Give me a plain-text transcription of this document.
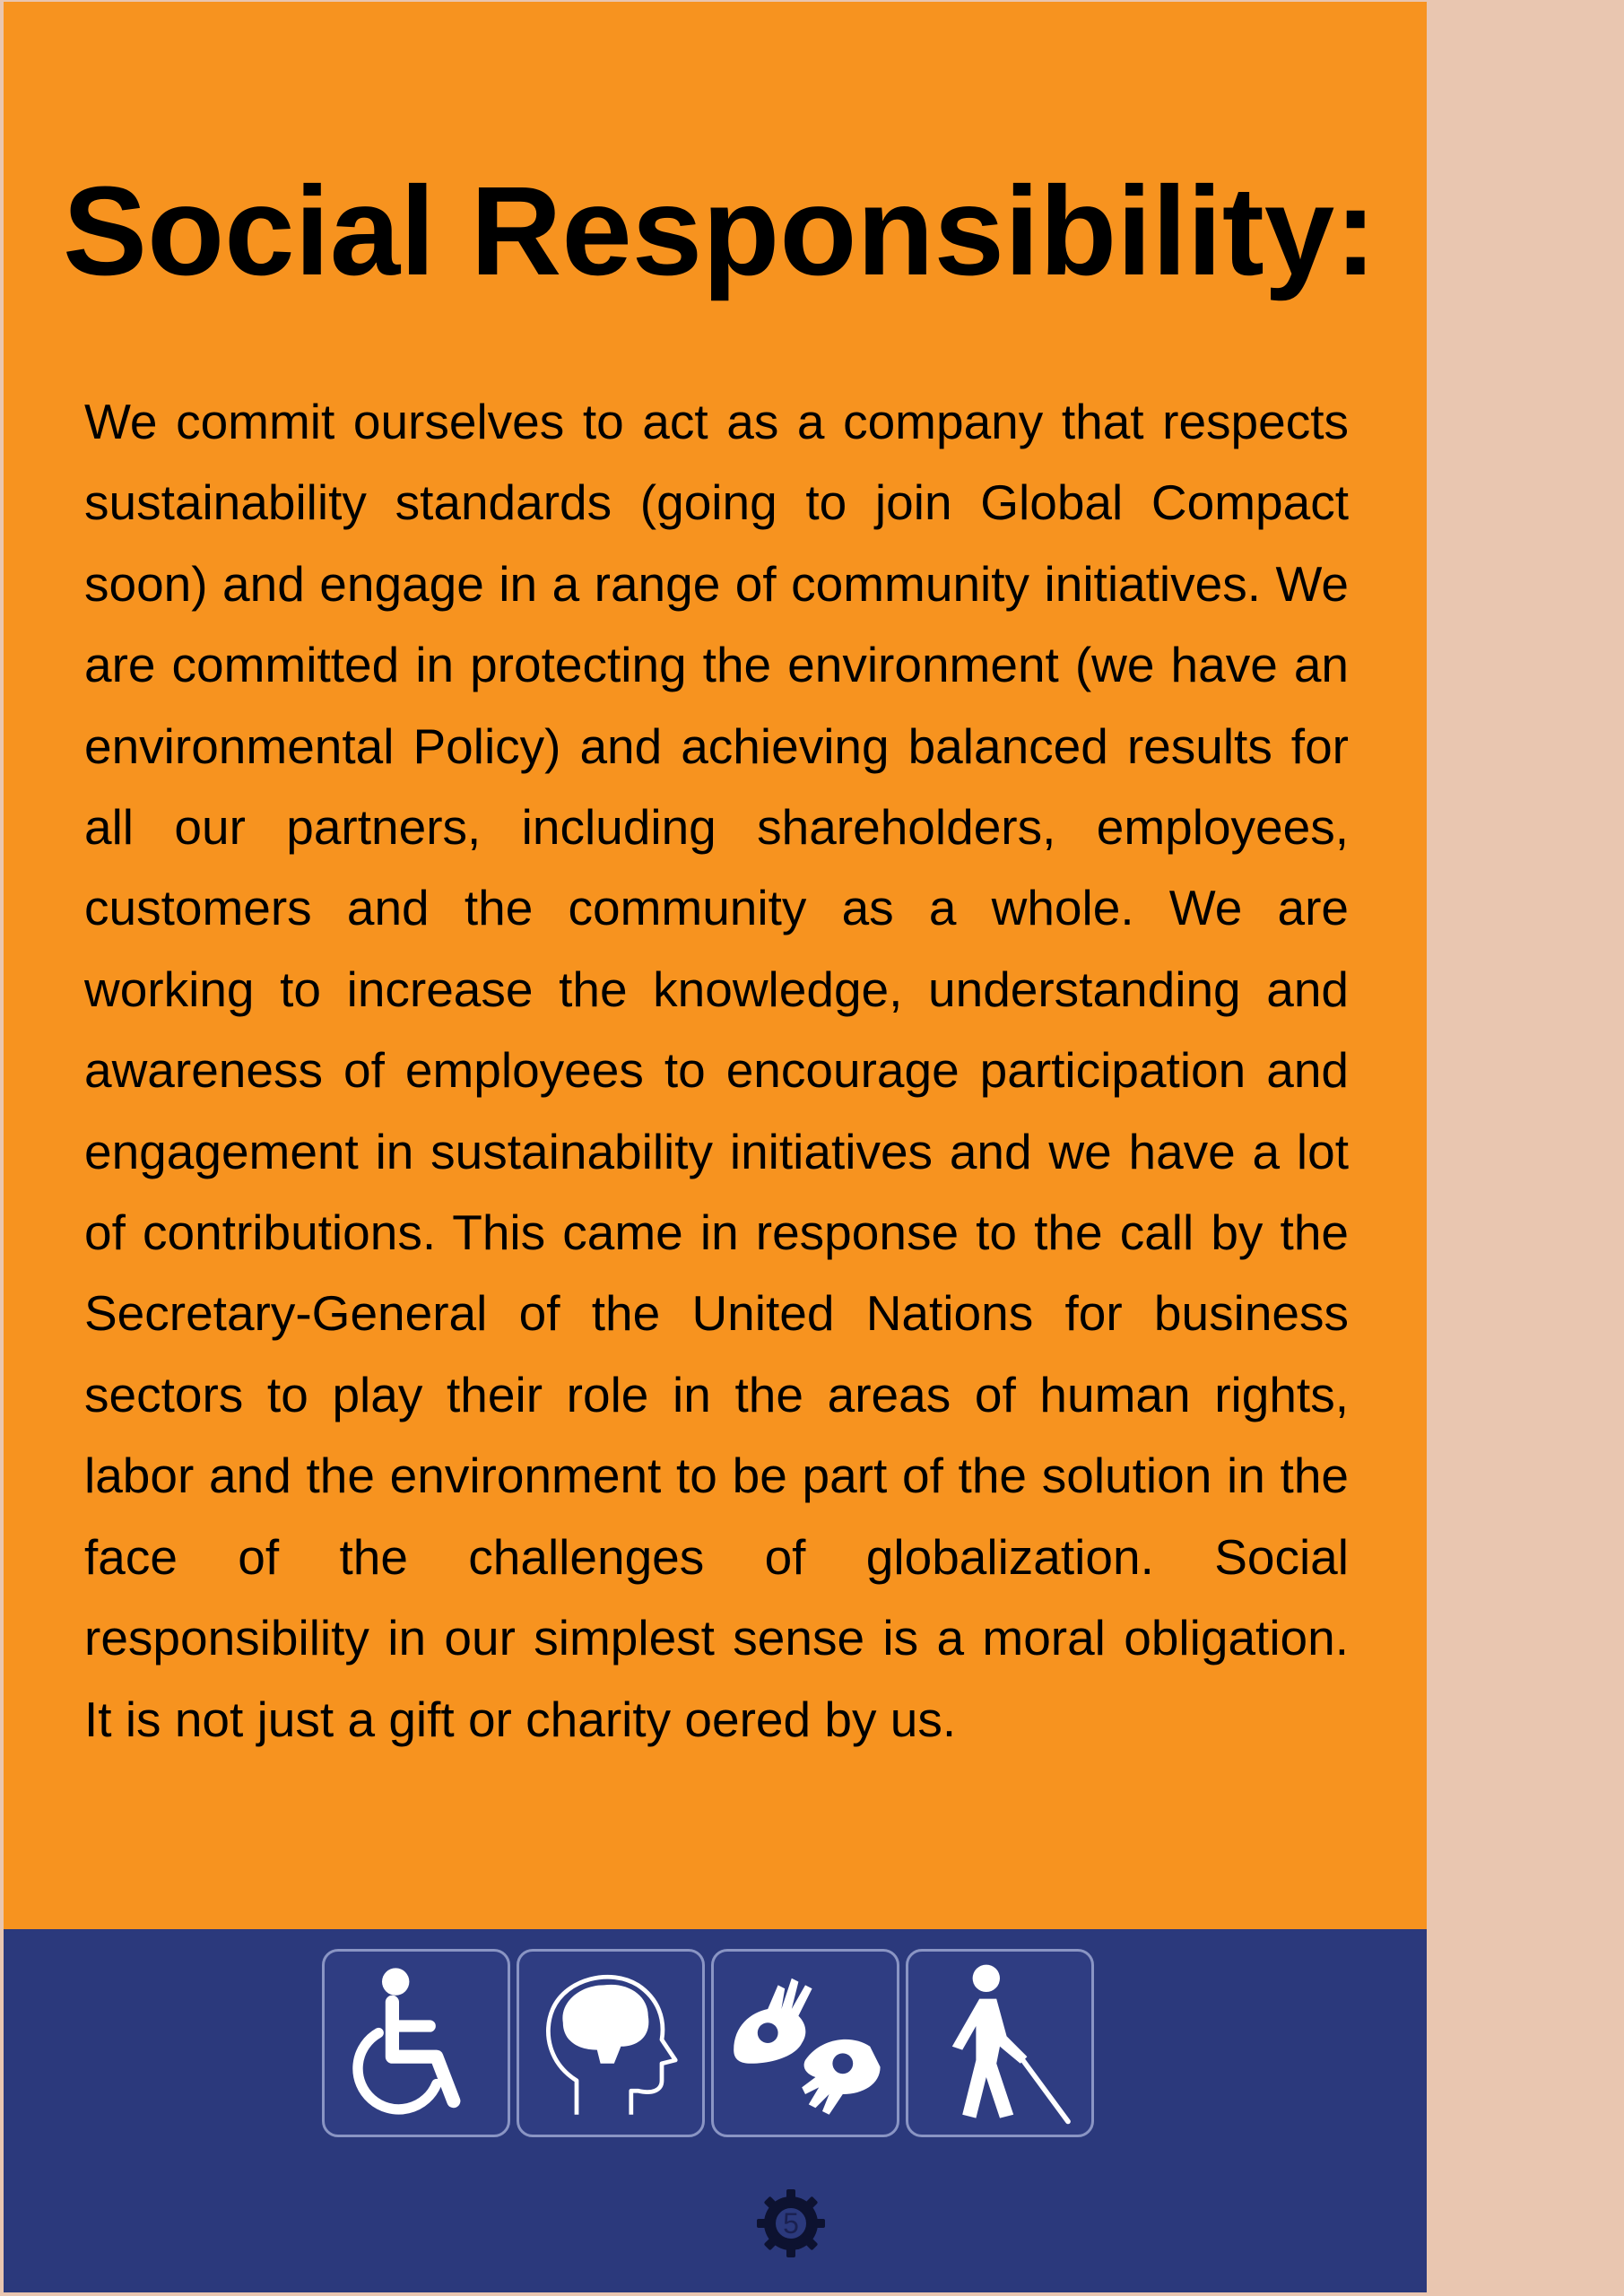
Social Responsibility:

We commit ourselves to act as a company that respects sustainability standards (going to join Global Compact soon) and engage in a range of community initiatives. We are committed in protecting the environment (we have an environmental Policy) and achieving balanced results for all our partners, including shareholders, employees, customers and the community as a whole. We are working to increase the knowledge, understanding and awareness of employees to encourage participation and engagement in sustainability initiatives and we have a lot of contributions. This came in response to the call by the Secretary-General of the United Nations for business sectors to play their role in the areas of human rights, labor and the environment to be part of the solution in the face of the challenges of globalization. Social responsibility in our simplest sense is a moral obligation. It is not just a gift or charity oered by us.

5
